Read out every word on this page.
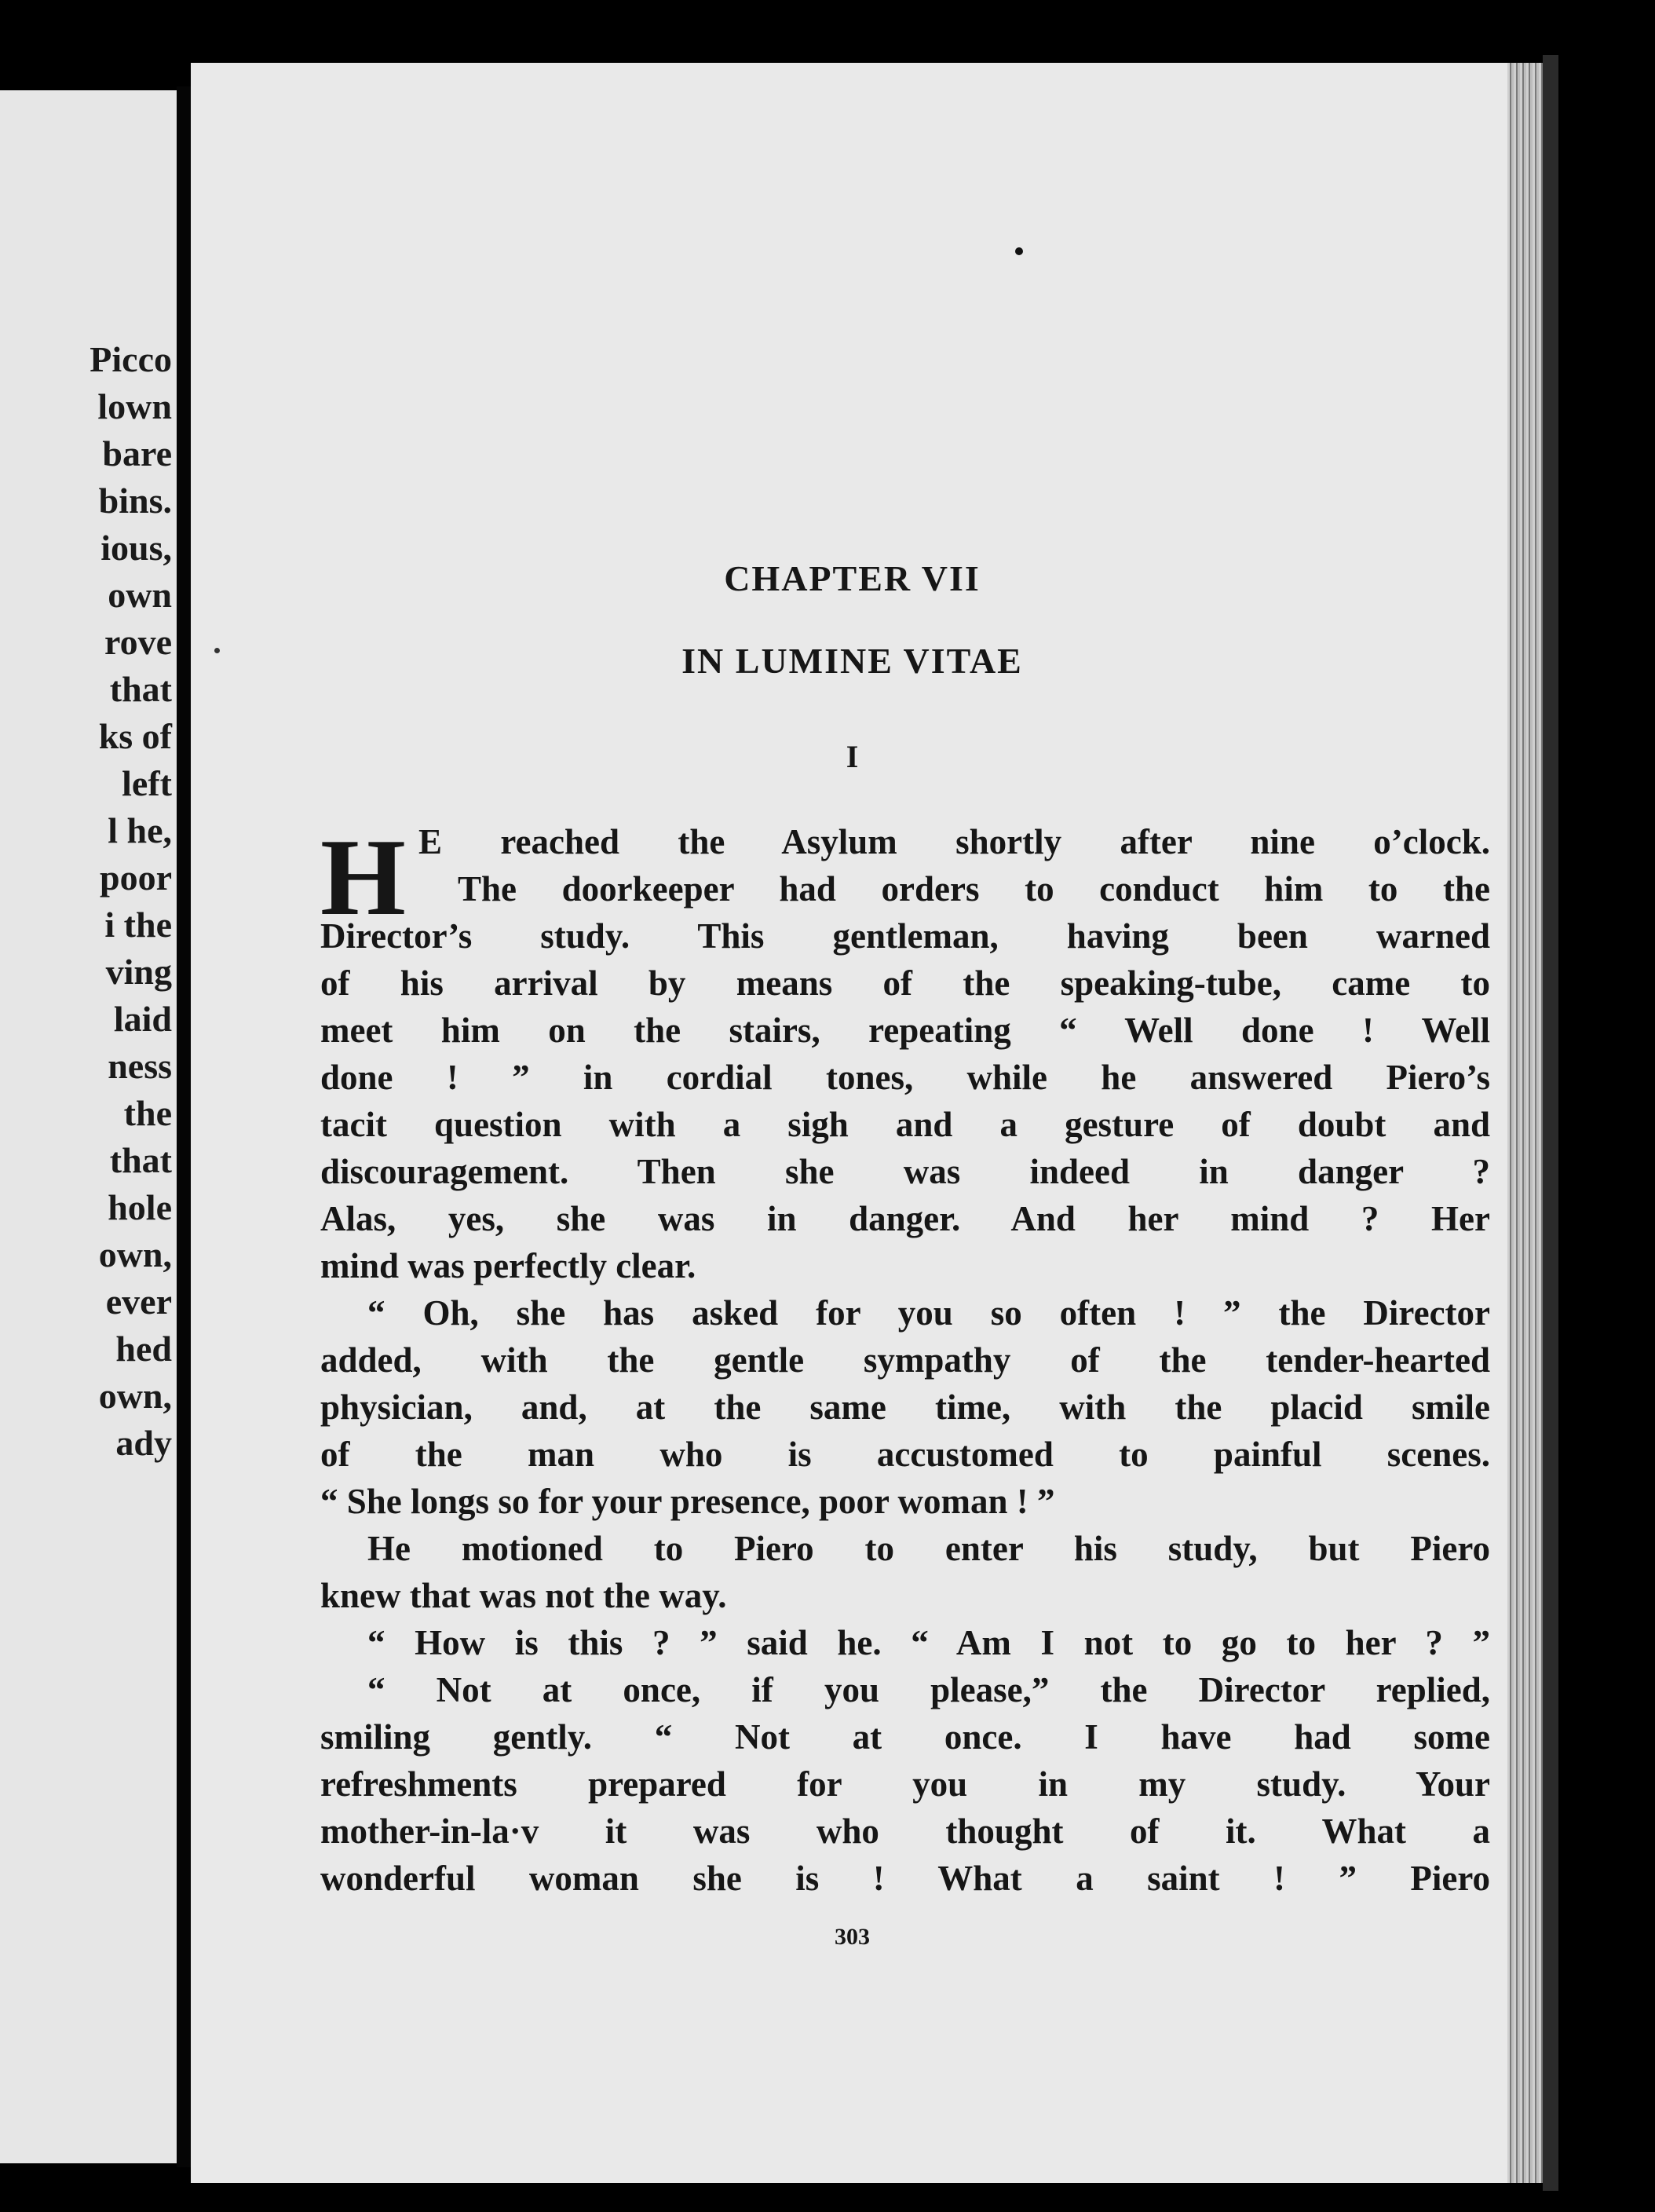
Picco
lown
bare
bins.
ious,
own
rove
that
ks of
left
l he,
poor
i the
ving
laid
ness
the
that
hole
own,
ever
hed
own,
ady
CHAPTER VII
IN LUMINE VITAE
I
H E reached the Asylum shortly after nine o’clock.
The doorkeeper had orders to conduct him to the
Director’s study. This gentleman, having been warned
of his arrival by means of the speaking-tube, came to
meet him on the stairs, repeating “ Well done ! Well
done ! ” in cordial tones, while he answered Piero’s
tacit question with a sigh and a gesture of doubt and
discouragement. Then she was indeed in danger ?
Alas, yes, she was in danger. And her mind ? Her
mind was perfectly clear.
“ Oh, she has asked for you so often ! ” the Director
added, with the gentle sympathy of the tender-hearted
physician, and, at the same time, with the placid smile
of the man who is accustomed to painful scenes.
“ She longs so for your presence, poor woman ! ”
He motioned to Piero to enter his study, but Piero
knew that was not the way.
“ How is this ? ” said he. “ Am I not to go to her ? ”
“ Not at once, if you please,” the Director replied,
smiling gently. “ Not at once. I have had some
refreshments prepared for you in my study. Your
mother-in-la·v it was who thought of it. What a
wonderful woman she is ! What a saint ! ” Piero
303
